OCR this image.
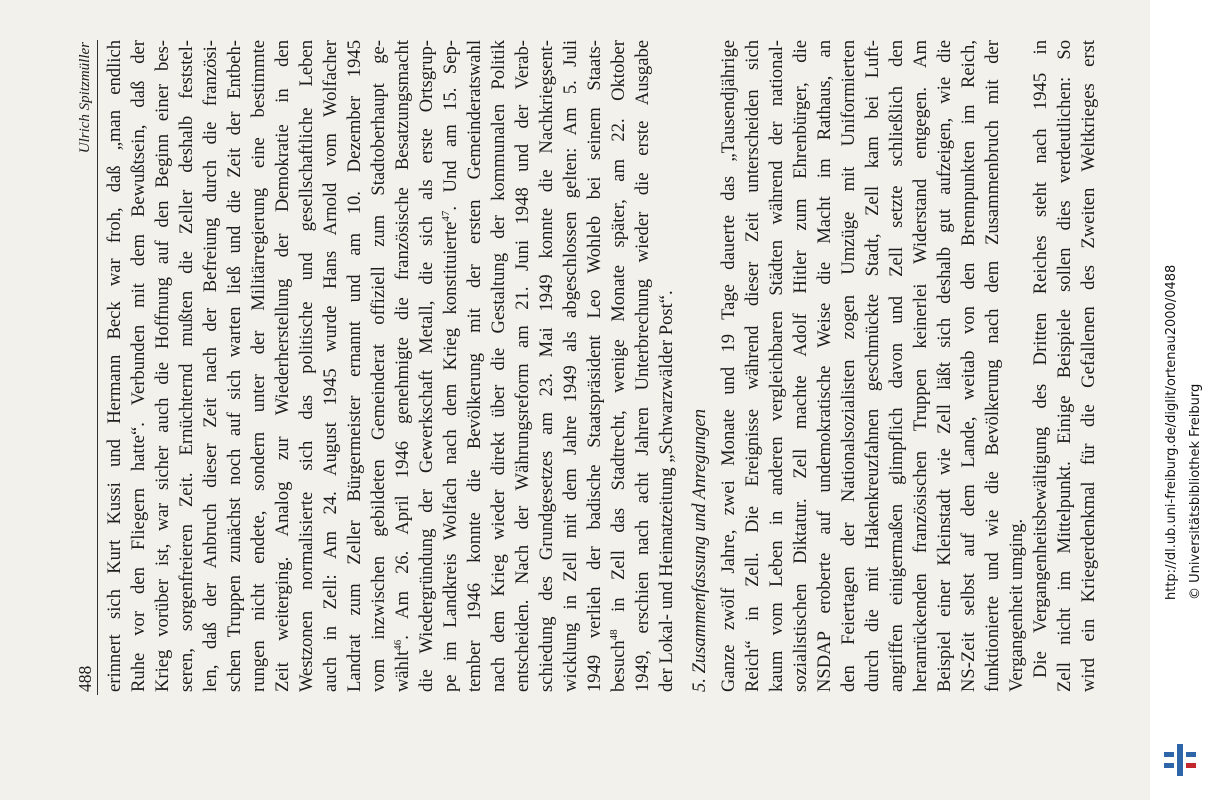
488
Ulrich Spitzmüller erinnert sich Kurt Kussi und Hermann Beck war froh, daß „man endlich Ruhe vor den Fliegern hatte“. Verbunden mit dem Bewußtsein, daß der Krieg vorüber ist, war sicher auch die Hoffnung auf den Beginn einer bes- seren, sorgenfreieren Zeit. Ernüchternd mußten die Zeller deshalb feststel- len, daß der Anbruch dieser Zeit nach der Befreiung durch die französi- schen Truppen zunächst noch auf sich warten ließ und die Zeit der Entbeh- rungen nicht endete, sondern unter der Militärregierung eine bestimmte Zeit weiterging. Analog zur Wiederherstellung der Demokratie in den Westzonen normalisierte sich das politische und gesellschaftliche Leben auch in Zell: Am 24. August 1945 wurde Hans Arnold vom Wolfacher Landrat zum Zeller Bürgermeister ernannt und am 10. Dezember 1945 vom inzwischen gebildeten Gemeinderat offiziell zum Stadtoberhaupt ge- wählt$^{46}$. Am 26. April 1946 genehmigte die französische Besatzungsmacht die Wiedergründung der Gewerkschaft Metall, die sich als erste Ortsgrup- pe im Landkreis Wolfach nach dem Krieg konstituierte$^{47}$. Und am 15. Sep- tember 1946 konnte die Bevölkerung mit der ersten Gemeinderatswahl nach dem Krieg wieder direkt über die Gestaltung der kommunalen Politik entscheiden. Nach der Währungsreform am 21. Juni 1948 und der Verab- schiedung des Grundgesetzes am 23. Mai 1949 konnte die Nachkriegsent- wicklung in Zell mit dem Jahre 1949 als abgeschlossen gelten: Am 5. Juli 1949 verlieh der badische Staatspräsident Leo Wohleb bei seinem Staats- besuch$^{48}$ in Zell das Stadtrecht, wenige Monate später, am 22. Oktober 1949, erschien nach acht Jahren Unterbrechung wieder die erste Ausgabe der Lokal- und Heimatzeitung „Schwarzwälder Post“. 5. Zusammenfassung und Anregungen Ganze zwölf Jahre, zwei Monate und 19 Tage dauerte das „Tausendjährige Reich“ in Zell. Die Ereignisse während dieser Zeit unterscheiden sich kaum vom Leben in anderen vergleichbaren Städten während der national- sozialistischen Diktatur. Zell machte Adolf Hitler zum Ehrenbürger, die NSDAP eroberte auf undemokratische Weise die Macht im Rathaus, an den Feiertagen der Nationalsozialisten zogen Umzüge mit Uniformierten durch die mit Hakenkreuzfahnen geschmückte Stadt, Zell kam bei Luft- angriffen einigermaßen glimpflich davon und Zell setzte schließlich den heranrückenden französischen Truppen keinerlei Widerstand entgegen. Am Beispiel einer Kleinstadt wie Zell läßt sich deshalb gut aufzeigen, wie die NS-Zeit selbst auf dem Lande, weitab von den Brennpunkten im Reich, funktionierte und wie die Bevölkerung nach dem Zusammenbruch mit der Vergangenheit umging. Die Vergangenheitsbewältigung des Dritten Reiches steht nach 1945 in Zell nicht im Mittelpunkt. Einige Beispiele sollen dies verdeutlichen: So wird ein Kriegerdenkmal für die Gefallenen des Zweiten Weltkrieges erst	http://dl.ub.uni-freiburg.de/diglit/ortenau2000/0488 © Universitätsbibliothek Freiburg
